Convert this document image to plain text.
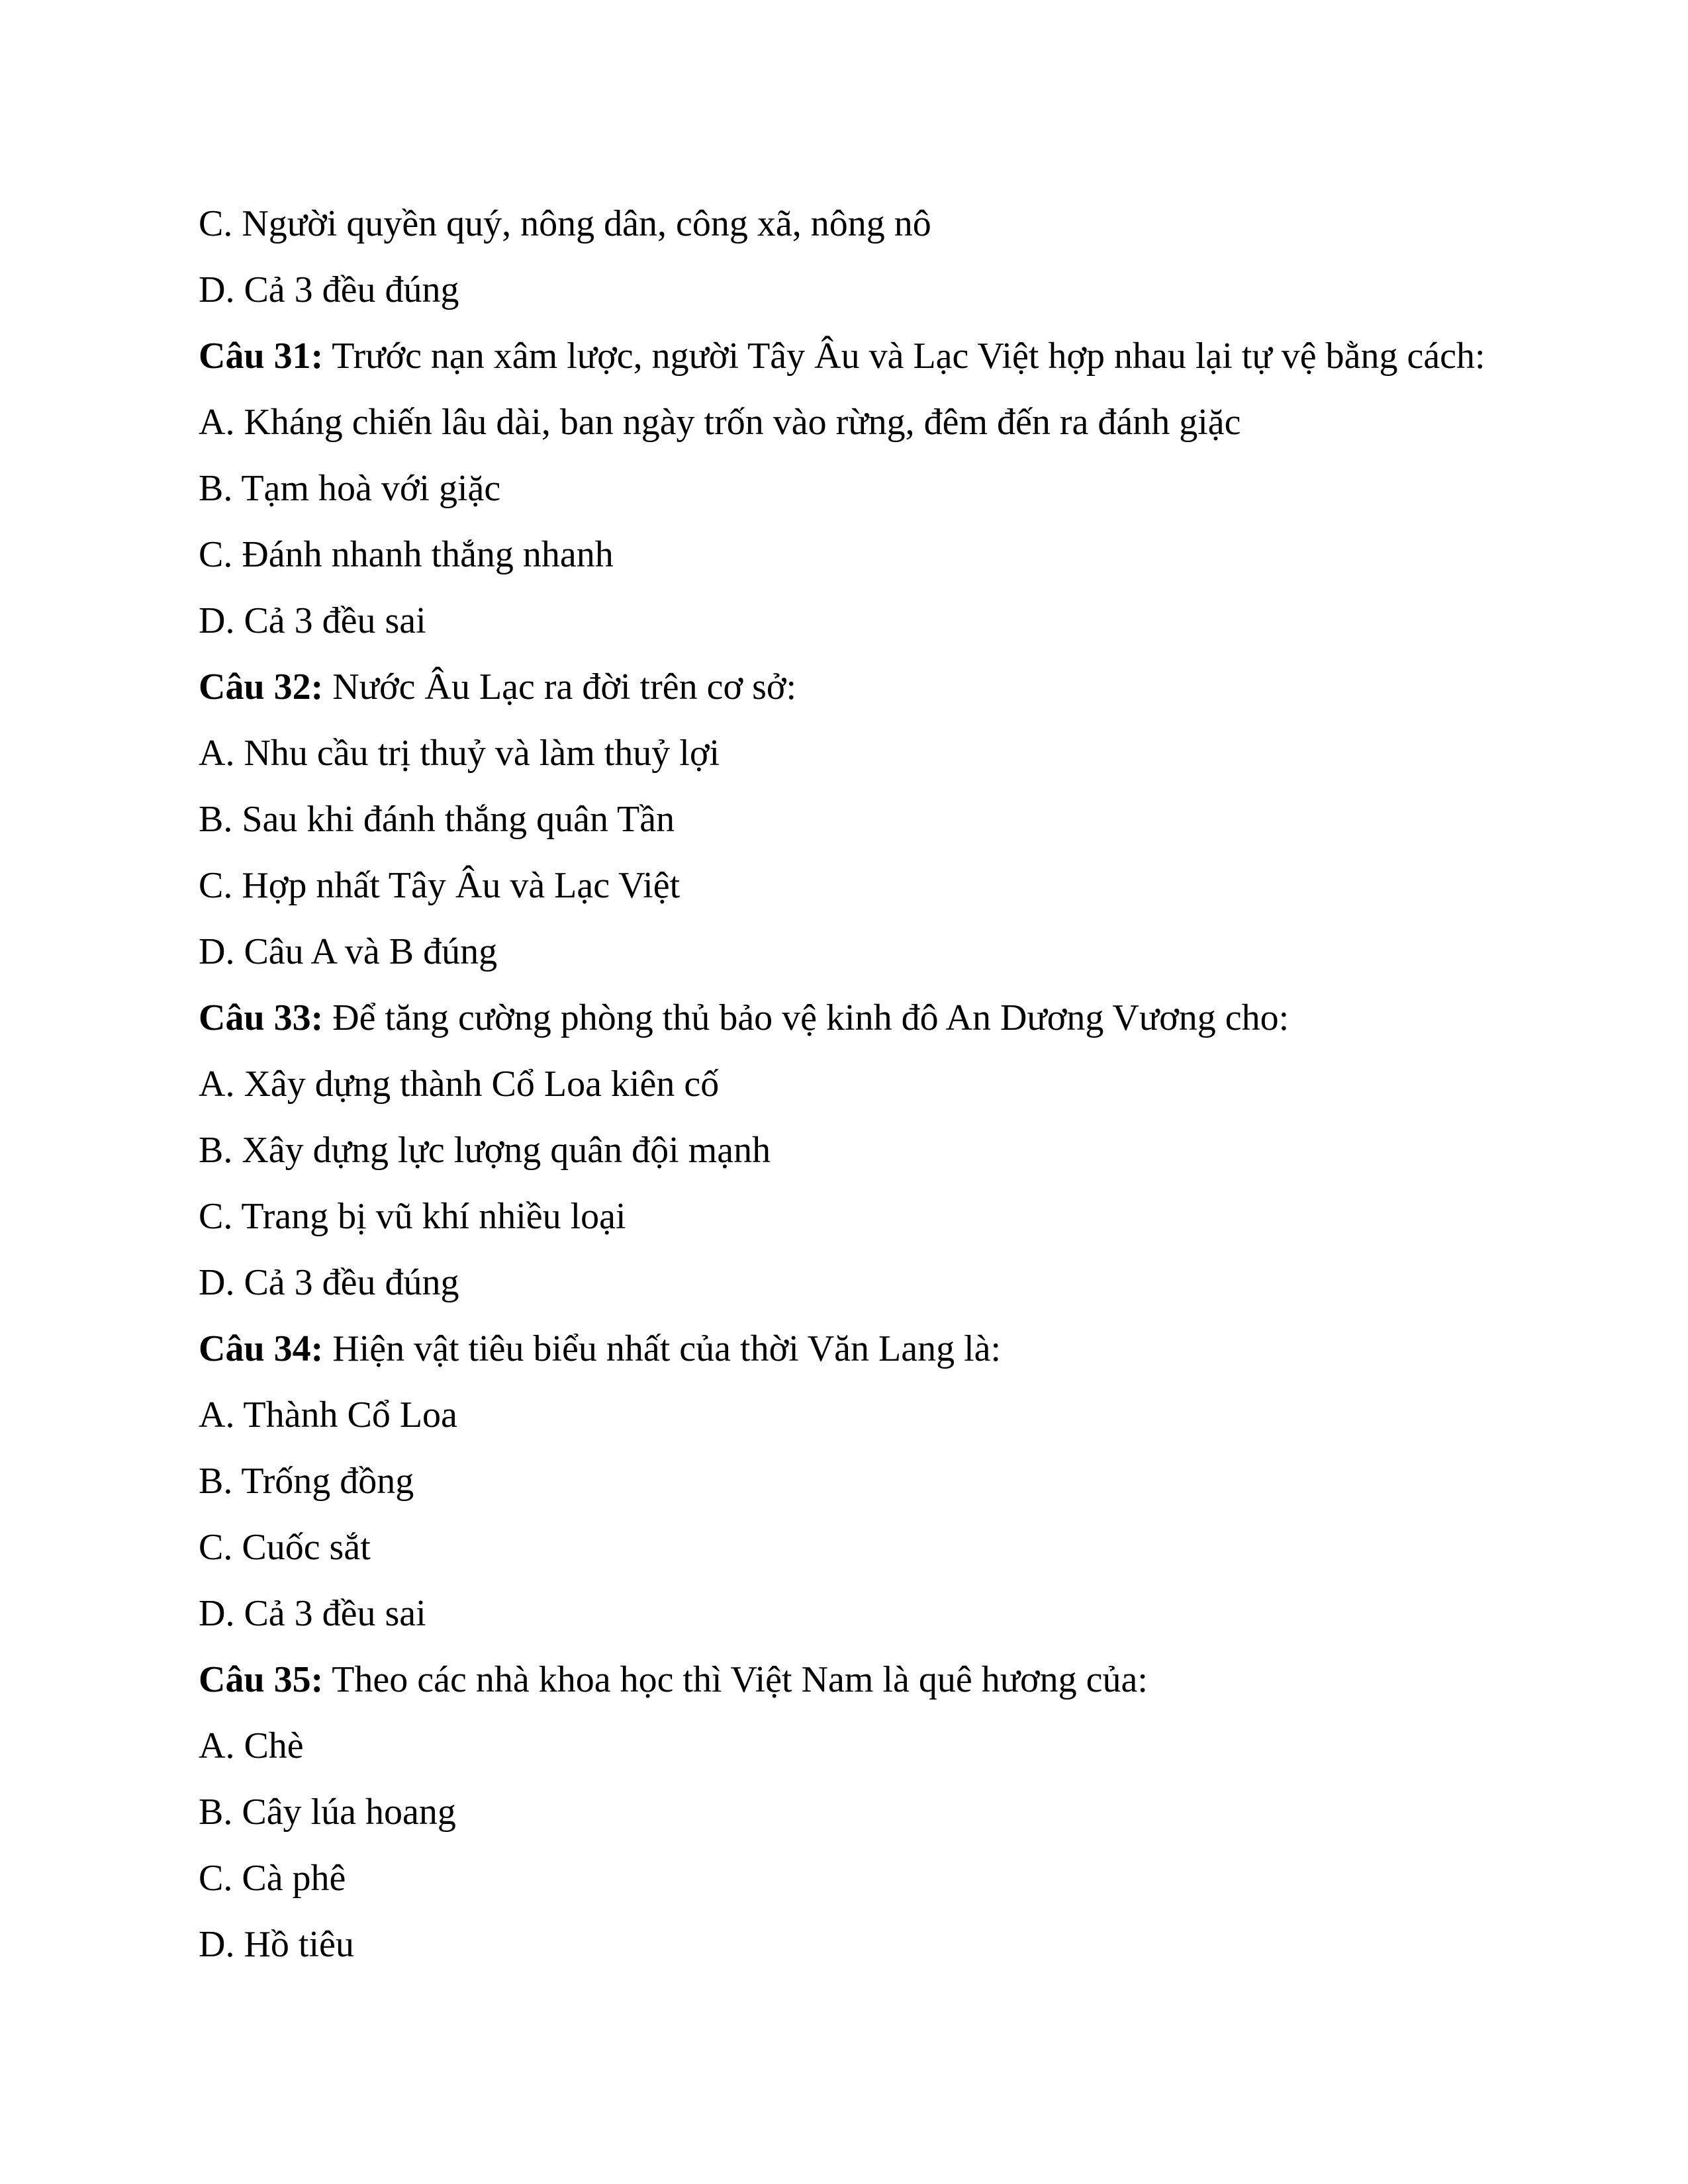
C. Người quyền quý, nông dân, công xã, nông nô
D. Cả 3 đều đúng
Câu 31: Trước nạn xâm lược, người Tây Âu và Lạc Việt hợp nhau lại tự vệ bằng cách:
A. Kháng chiến lâu dài, ban ngày trốn vào rừng, đêm đến ra đánh giặc
B. Tạm hoà với giặc
C. Đánh nhanh thắng nhanh
D. Cả 3 đều sai
Câu 32: Nước Âu Lạc ra đời trên cơ sở:
A. Nhu cầu trị thuỷ và làm thuỷ lợi
B. Sau khi đánh thắng quân Tần
C. Hợp nhất Tây Âu và Lạc Việt
D. Câu A và B đúng
Câu 33: Để tăng cường phòng thủ bảo vệ kinh đô An Dương Vương cho:
A. Xây dựng thành Cổ Loa kiên cố
B. Xây dựng lực lượng quân đội mạnh
C. Trang bị vũ khí nhiều loại
D. Cả 3 đều đúng
Câu 34: Hiện vật tiêu biểu nhất của thời Văn Lang là:
A. Thành Cổ Loa
B. Trống đồng
C. Cuốc sắt
D. Cả 3 đều sai
Câu 35: Theo các nhà khoa học thì Việt Nam là quê hương của:
A. Chè
B. Cây lúa hoang
C. Cà phê
D. Hồ tiêu
